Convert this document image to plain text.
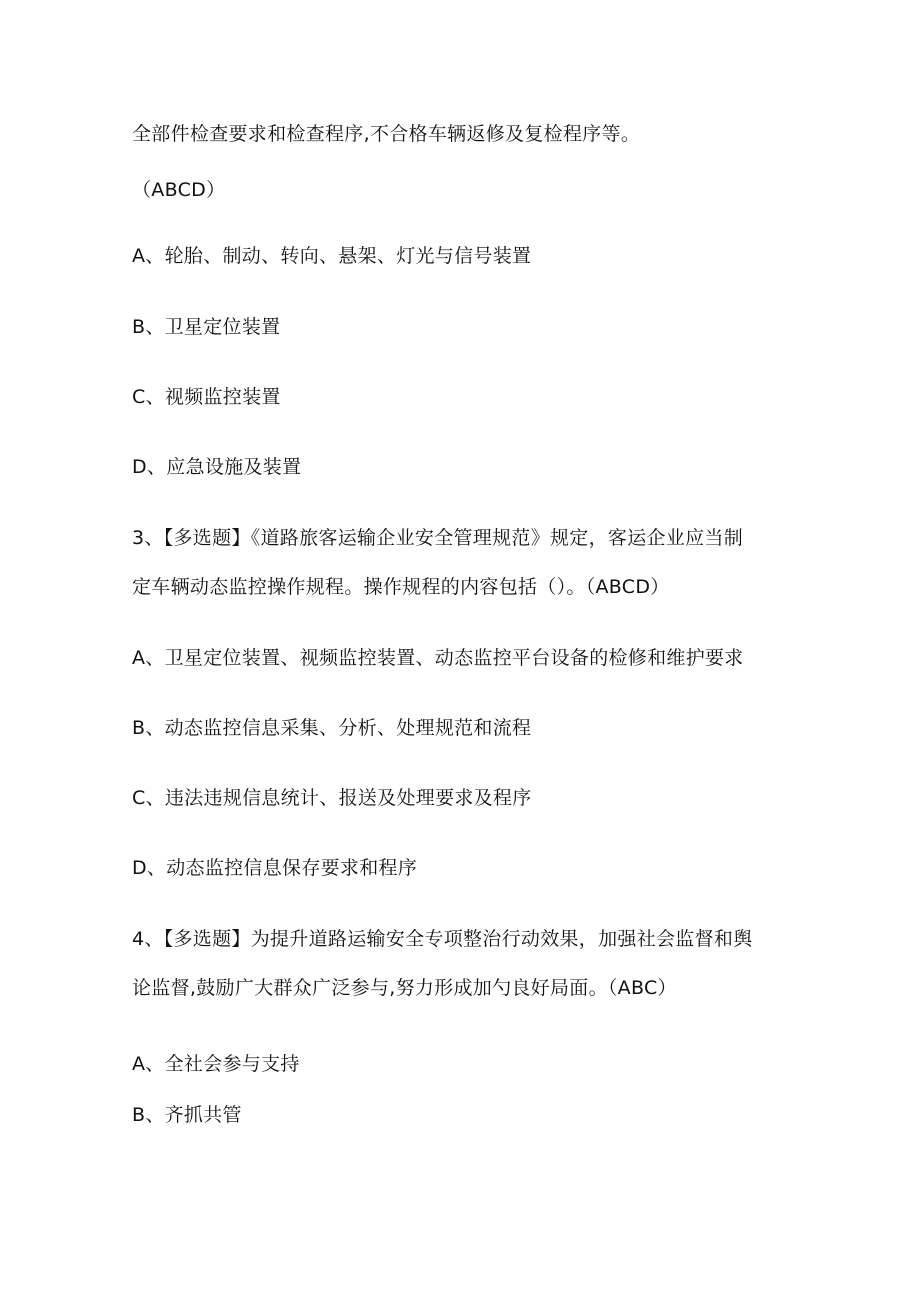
全部件检查要求和检查程序,不合格车辆返修及复检程序等。
（ABCD）
A、轮胎、制动、转向、悬架、灯光与信号装置
B、卫星定位装置
C、视频监控装置
D、应急设施及装置
3、【多选题】《道路旅客运输企业安全管理规范》规定，客运企业应当制
定车辆动态监控操作规程。操作规程的内容包括（）。（ABCD）
A、卫星定位装置、视频监控装置、动态监控平台设备的检修和维护要求
B、动态监控信息采集、分析、处理规范和流程
C、违法违规信息统计、报送及处理要求及程序
D、动态监控信息保存要求和程序
4、【多选题】为提升道路运输安全专项整治行动效果，加强社会监督和舆
论监督,鼓励广大群众广泛参与,努力形成加勺良好局面。（ABC）
A、全社会参与支持
B、齐抓共管
